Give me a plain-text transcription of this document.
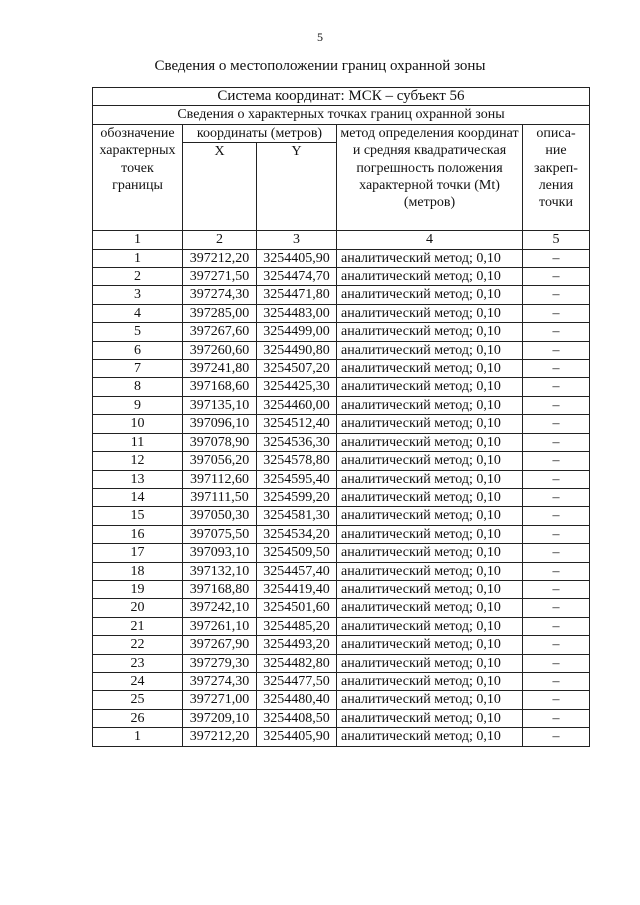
5
Сведения о местоположении границ охранной зоны
Система координат: МСК – субъект 56				
Сведения о характерных точках границ охранной зоны				
обозначение характерных точек границы	координаты (метров)		метод определения координат и средняя квадратическая погрешность положения характерной точки (Mt) (метров)	описа- ние закреп- ления точки
	X	Y		
1	2	3	4	5
1	397212,20	3254405,90	аналитический метод; 0,10	–
2	397271,50	3254474,70	аналитический метод; 0,10	–
3	397274,30	3254471,80	аналитический метод; 0,10	–
4	397285,00	3254483,00	аналитический метод; 0,10	–
5	397267,60	3254499,00	аналитический метод; 0,10	–
6	397260,60	3254490,80	аналитический метод; 0,10	–
7	397241,80	3254507,20	аналитический метод; 0,10	–
8	397168,60	3254425,30	аналитический метод; 0,10	–
9	397135,10	3254460,00	аналитический метод; 0,10	–
10	397096,10	3254512,40	аналитический метод; 0,10	–
11	397078,90	3254536,30	аналитический метод; 0,10	–
12	397056,20	3254578,80	аналитический метод; 0,10	–
13	397112,60	3254595,40	аналитический метод; 0,10	–
14	397111,50	3254599,20	аналитический метод; 0,10	–
15	397050,30	3254581,30	аналитический метод; 0,10	–
16	397075,50	3254534,20	аналитический метод; 0,10	–
17	397093,10	3254509,50	аналитический метод; 0,10	–
18	397132,10	3254457,40	аналитический метод; 0,10	–
19	397168,80	3254419,40	аналитический метод; 0,10	–
20	397242,10	3254501,60	аналитический метод; 0,10	–
21	397261,10	3254485,20	аналитический метод; 0,10	–
22	397267,90	3254493,20	аналитический метод; 0,10	–
23	397279,30	3254482,80	аналитический метод; 0,10	–
24	397274,30	3254477,50	аналитический метод; 0,10	–
25	397271,00	3254480,40	аналитический метод; 0,10	–
26	397209,10	3254408,50	аналитический метод; 0,10	–
1	397212,20	3254405,90	аналитический метод; 0,10	–
